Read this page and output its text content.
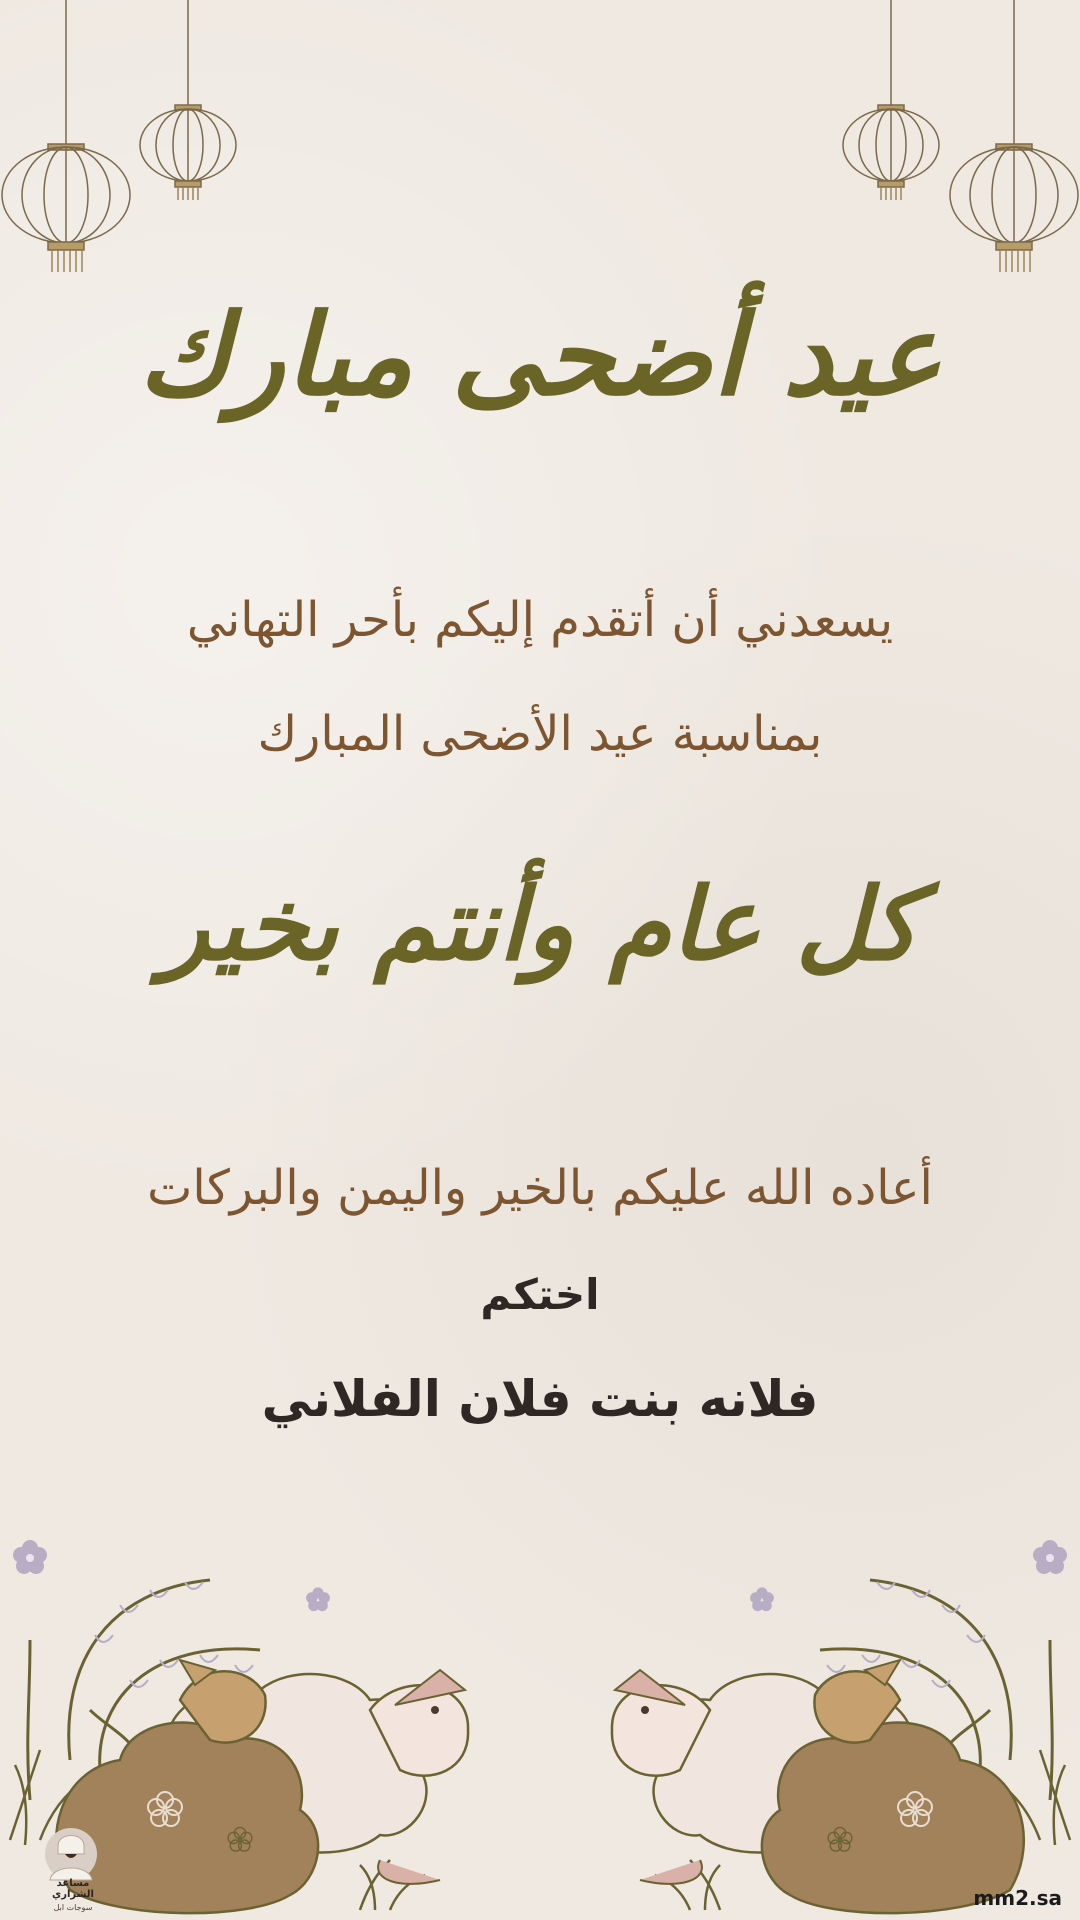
عيد أضحى مبارك
يسعدني أن أتقدم إليكم بأحر التهاني
بمناسبة عيد الأضحى المبارك
كل عام وأنتم بخير
أعاده الله عليكم بالخير واليمن والبركات
اختكم
فلانه بنت فلان الفلاني
مساعد الشراري
سوجات ابل	mm2.sa
